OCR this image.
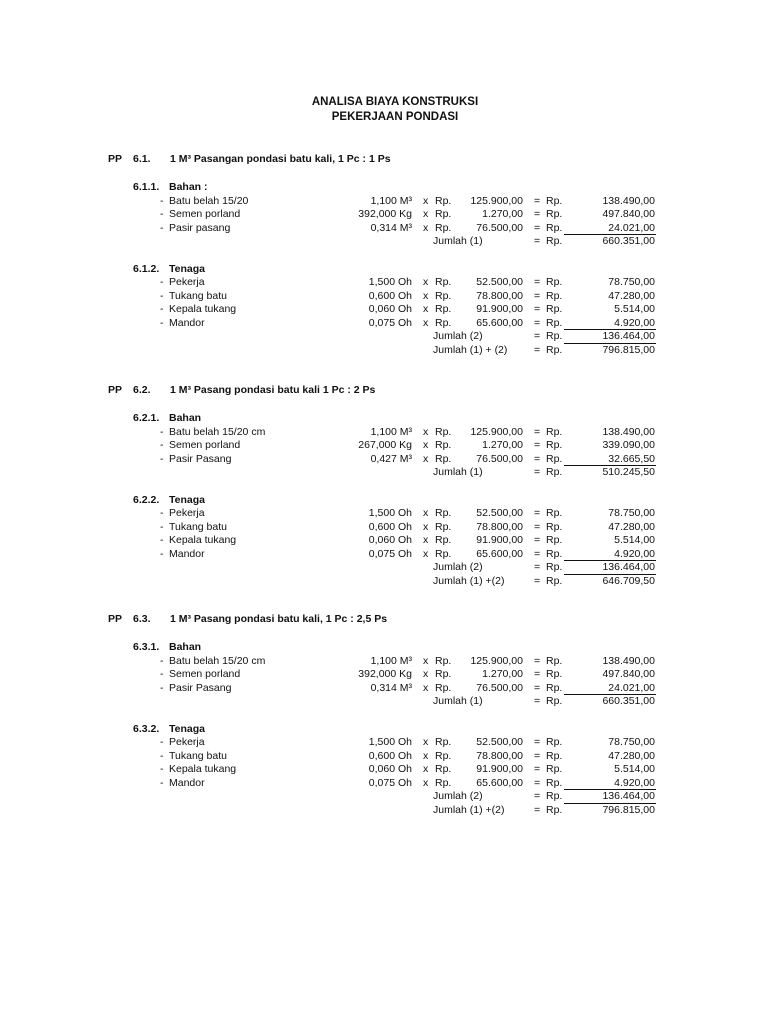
ANALISA BIAYA KONSTRUKSI
PEKERJAAN PONDASI
PP 6.1. 1 M³ Pasangan pondasi batu kali, 1 Pc : 1 Ps
6.1.1. Bahan :
- Batu belah 15/20	1,100 M³ x Rp. 125.900,00 = Rp.	138.490,00
- Semen porland	392,000 Kg x Rp.	1.270,00 = Rp.	497.840,00
- Pasir pasang	0,314 M³ x Rp. 76.500,00 = Rp.	24.021,00
Jumlah (1)	= Rp.	660.351,00
6.1.2. Tenaga
- Pekerja	1,500 Oh x Rp. 52.500,00 = Rp.	78.750,00
- Tukang batu	0,600 Oh x Rp. 78.800,00 = Rp.	47.280,00
- Kepala tukang	0,060 Oh x Rp. 91.900,00 = Rp.	5.514,00
- Mandor	0,075 Oh x Rp. 65.600,00 = Rp.	4.920,00
Jumlah (2)	= Rp.	136.464,00
Jumlah (1) + (2)	= Rp.	796.815,00
PP 6.2. 1 M³ Pasang pondasi batu kali 1 Pc : 2 Ps
6.2.1. Bahan
- Batu belah 15/20 cm	1,100 M³ x Rp. 125.900,00 = Rp.	138.490,00
- Semen porland	267,000 Kg x Rp.	1.270,00 = Rp.	339.090,00
- Pasir Pasang	0,427 M³ x Rp. 76.500,00 = Rp.	32.665,50
Jumlah (1)	= Rp.	510.245,50
6.2.2. Tenaga
- Pekerja	1,500 Oh x Rp. 52.500,00 = Rp.	78.750,00
- Tukang batu	0,600 Oh x Rp. 78.800,00 = Rp.	47.280,00
- Kepala tukang	0,060 Oh x Rp. 91.900,00 = Rp.	5.514,00
- Mandor	0,075 Oh x Rp. 65.600,00 = Rp.	4.920,00
Jumlah (2)	= Rp.	136.464,00
Jumlah (1) +(2)	= Rp.	646.709,50
PP 6.3. 1 M³ Pasang pondasi batu kali, 1 Pc : 2,5 Ps
6.3.1. Bahan
- Batu belah 15/20 cm	1,100 M³ x Rp. 125.900,00 = Rp.	138.490,00
- Semen porland	392,000 Kg x Rp.	1.270,00 = Rp.	497.840,00
- Pasir Pasang	0,314 M³ x Rp. 76.500,00 = Rp.	24.021,00
Jumlah (1)	= Rp.	660.351,00
6.3.2. Tenaga
- Pekerja	1,500 Oh x Rp. 52.500,00 = Rp.	78.750,00
- Tukang batu	0,600 Oh x Rp. 78.800,00 = Rp.	47.280,00
- Kepala tukang	0,060 Oh x Rp. 91.900,00 = Rp.	5.514,00
- Mandor	0,075 Oh x Rp. 65.600,00 = Rp.	4.920,00
Jumlah (2)	= Rp.	136.464,00
Jumlah (1) +(2)	= Rp.	796.815,00
